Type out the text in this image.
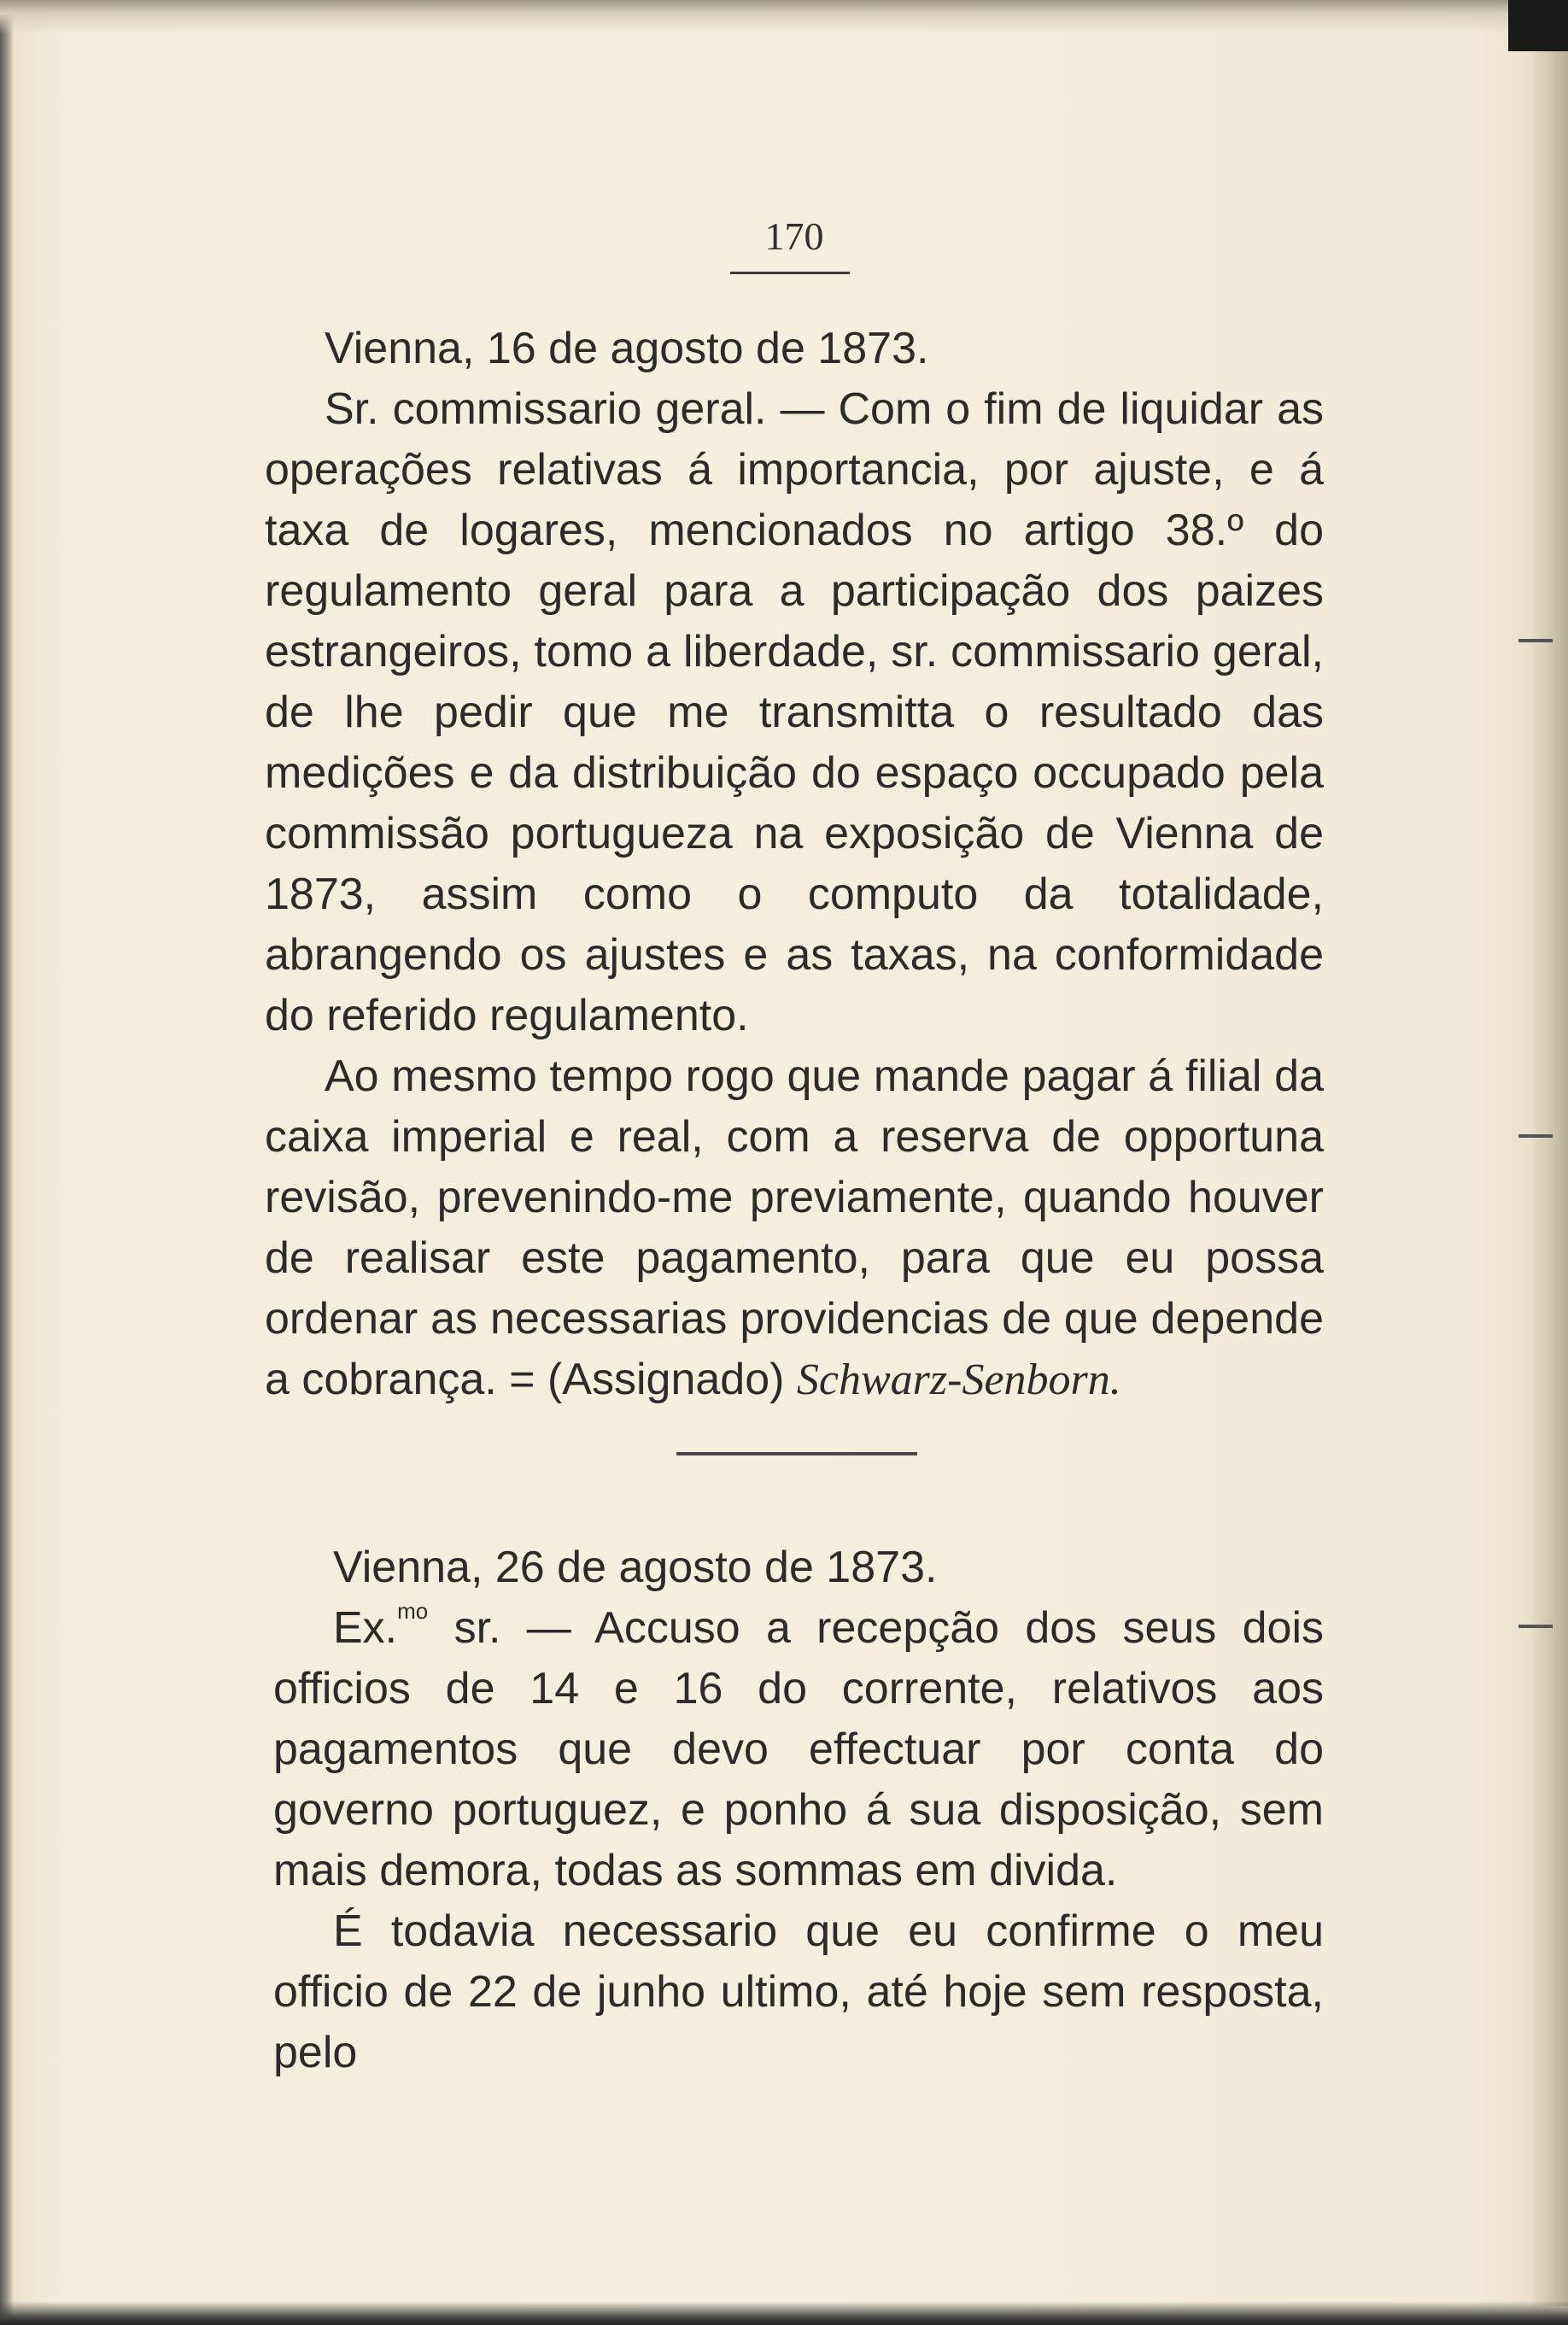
170

Vienna, 16 de agosto de 1873.

Sr. commissario geral. — Com o fim de liquidar as operações relativas á importancia, por ajuste, e á taxa de logares, mencionados no artigo 38.º do regulamento geral para a participação dos paizes estrangeiros, tomo a liberdade, sr. commissario geral, de lhe pedir que me transmitta o resultado das medições e da distribuição do espaço occupado pela commissão portugueza na exposição de Vienna de 1873, assim como o computo da totalidade, abrangendo os ajustes e as taxas, na conformidade do referido regulamento.

Ao mesmo tempo rogo que mande pagar á filial da caixa imperial e real, com a reserva de opportuna revisão, prevenindo-me previamente, quando houver de realisar este pagamento, para que eu possa ordenar as necessarias providencias de que depende a cobrança. = (Assignado) Schwarz-Senborn.

Vienna, 26 de agosto de 1873.

Ex.$^{mo}$ sr. — Accuso a recepção dos seus dois officios de 14 e 16 do corrente, relativos aos pagamentos que devo effectuar por conta do governo portuguez, e ponho á sua disposição, sem mais demora, todas as sommas em divida.

É todavia necessario que eu confirme o meu officio de 22 de junho ultimo, até hoje sem resposta, pelo
